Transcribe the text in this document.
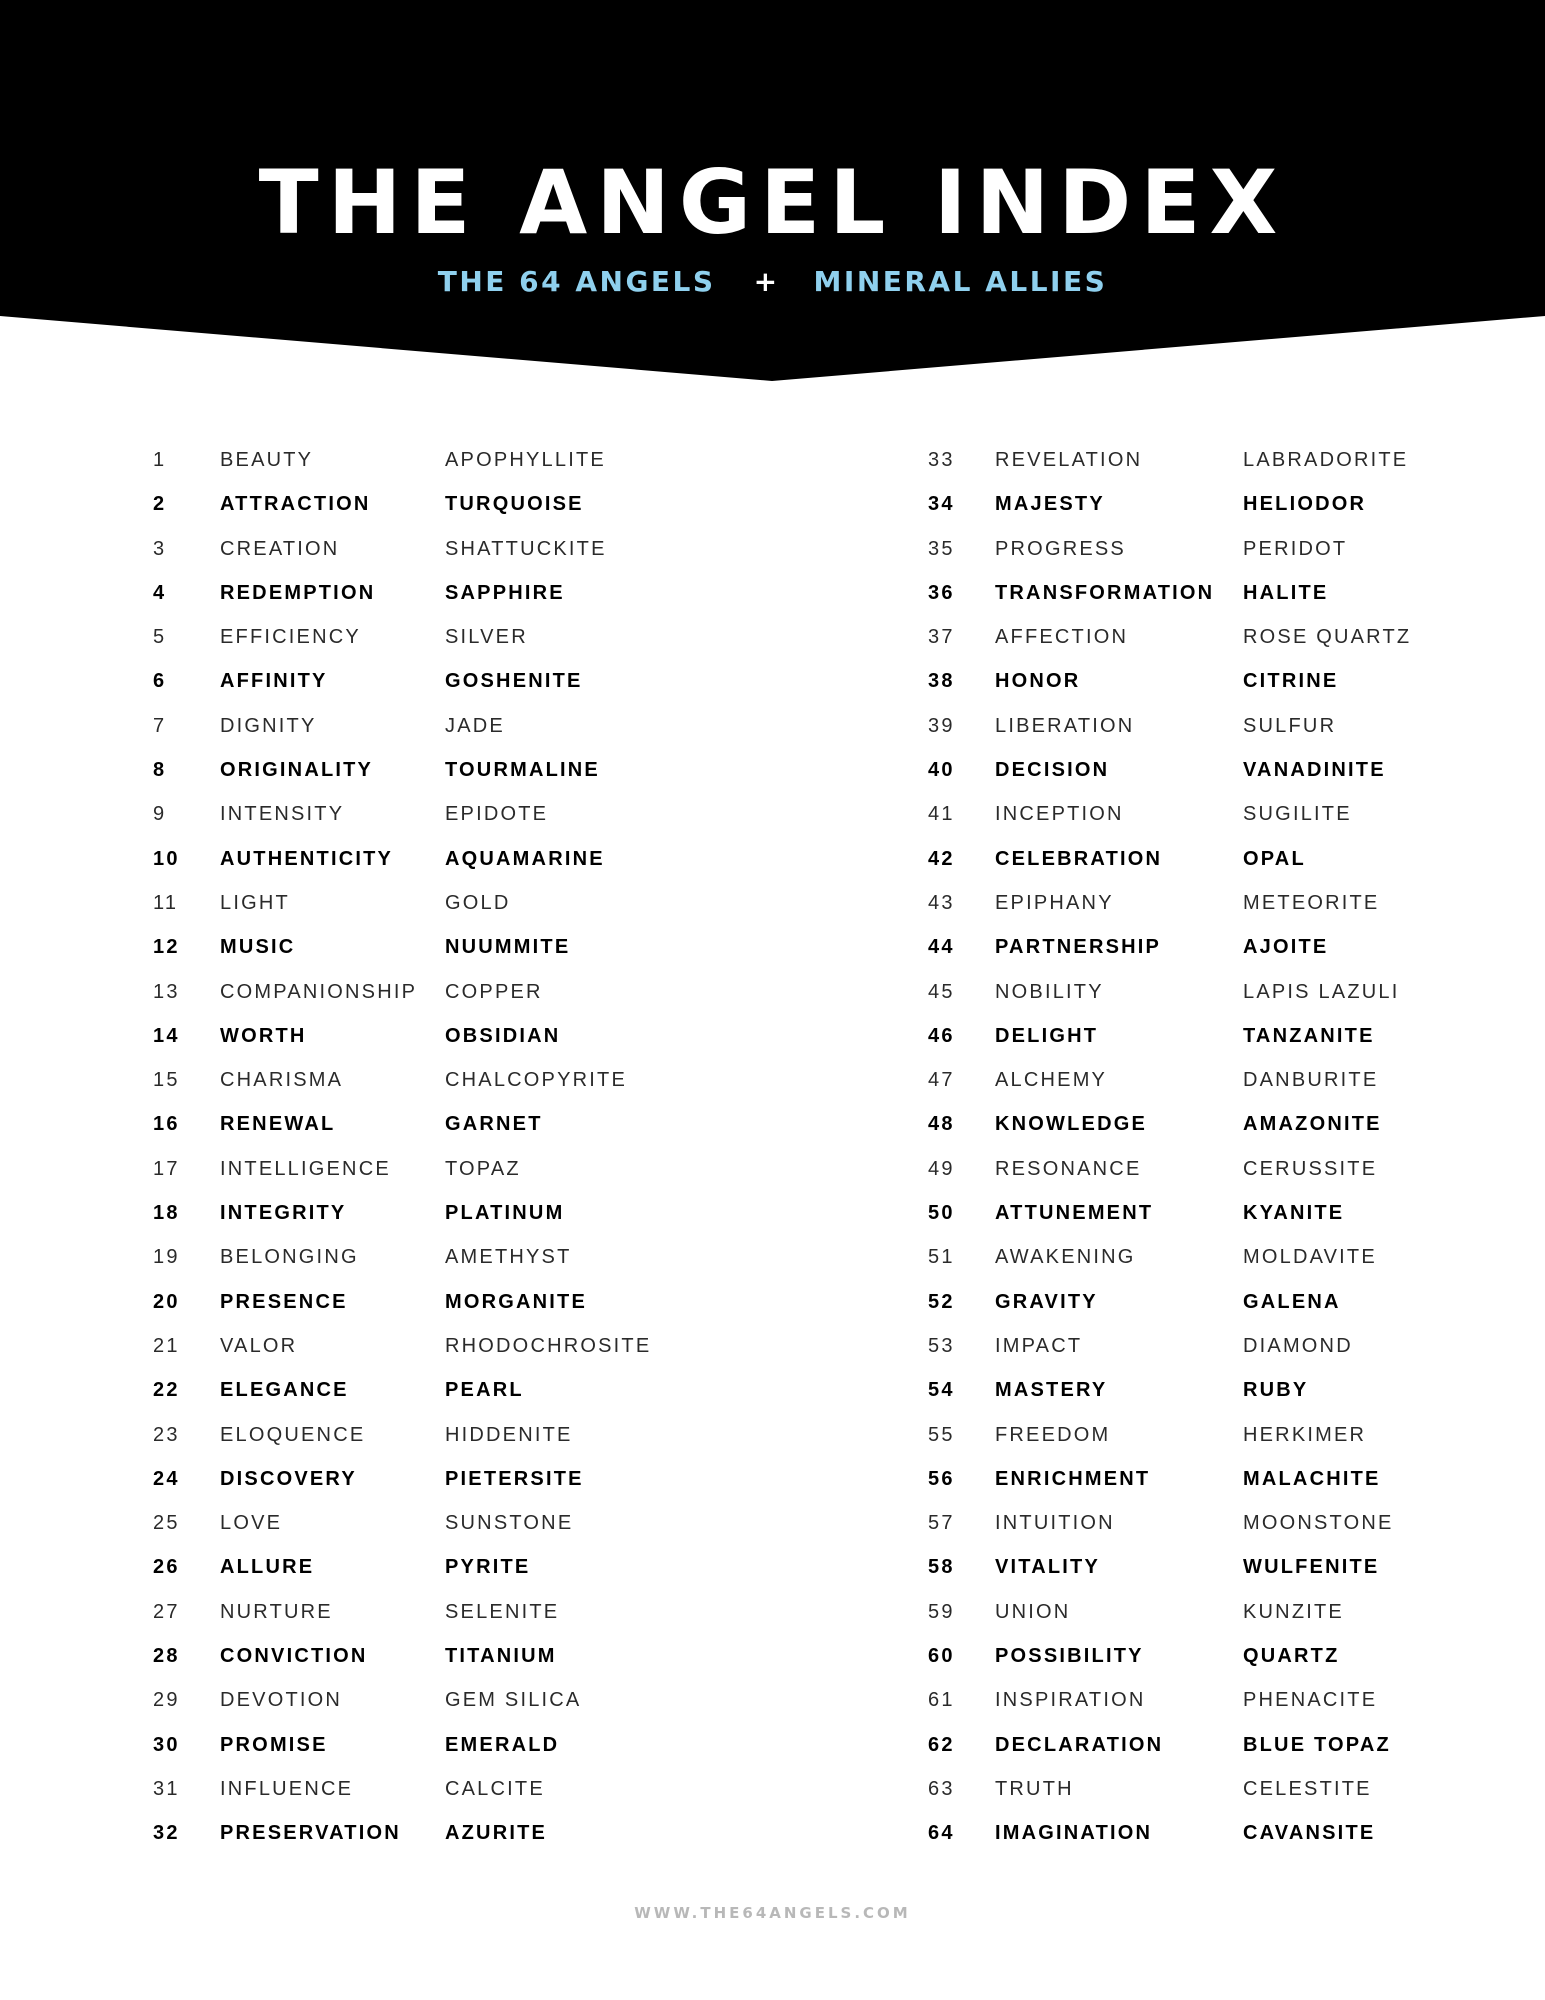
THE ANGEL INDEX
THE 64 ANGELS + MINERAL ALLIES
1	BEAUTY	APOPHYLLITE
2	ATTRACTION	TURQUOISE
3	CREATION	SHATTUCKITE
4	REDEMPTION	SAPPHIRE
5	EFFICIENCY	SILVER
6	AFFINITY	GOSHENITE
7	DIGNITY	JADE
8	ORIGINALITY	TOURMALINE
9	INTENSITY	EPIDOTE
10 AUTHENTICITY	AQUAMARINE
11 LIGHT	GOLD
12 MUSIC	NUUMMITE
13 COMPANIONSHIP COPPER
14 WORTH	OBSIDIAN
15 CHARISMA	CHALCOPYRITE
16 RENEWAL	GARNET
17 INTELLIGENCE	TOPAZ
18 INTEGRITY	PLATINUM
19 BELONGING	AMETHYST
20 PRESENCE	MORGANITE
21 VALOR	RHODOCHROSITE
22 ELEGANCE	PEARL
23 ELOQUENCE	HIDDENITE
24 DISCOVERY	PIETERSITE
25 LOVE	SUNSTONE
26 ALLURE	PYRITE
27 NURTURE	SELENITE
28 CONVICTION	TITANIUM
29 DEVOTION	GEM SILICA
30 PROMISE	EMERALD
31 INFLUENCE	CALCITE
32 PRESERVATION AZURITE
33 REVELATION	LABRADORITE
34 MAJESTY	HELIODOR
35 PROGRESS	PERIDOT
36 TRANSFORMATION HALITE
37 AFFECTION	ROSE QUARTZ
38 HONOR	CITRINE
39 LIBERATION	SULFUR
40 DECISION	VANADINITE
41 INCEPTION	SUGILITE
42 CELEBRATION	OPAL
43 EPIPHANY	METEORITE
44 PARTNERSHIP	AJOITE
45 NOBILITY	LAPIS LAZULI
46 DELIGHT	TANZANITE
47 ALCHEMY	DANBURITE
48 KNOWLEDGE	AMAZONITE
49 RESONANCE	CERUSSITE
50 ATTUNEMENT	KYANITE
51 AWAKENING	MOLDAVITE
52 GRAVITY	GALENA
53 IMPACT	DIAMOND
54 MASTERY	RUBY
55 FREEDOM	HERKIMER
56 ENRICHMENT	MALACHITE
57 INTUITION	MOONSTONE
58 VITALITY	WULFENITE
59 UNION	KUNZITE
60 POSSIBILITY	QUARTZ
61 INSPIRATION	PHENACITE
62 DECLARATION	BLUE TOPAZ
63 TRUTH	CELESTITE
64 IMAGINATION	CAVANSITE
WWW.THE64ANGELS.COM
